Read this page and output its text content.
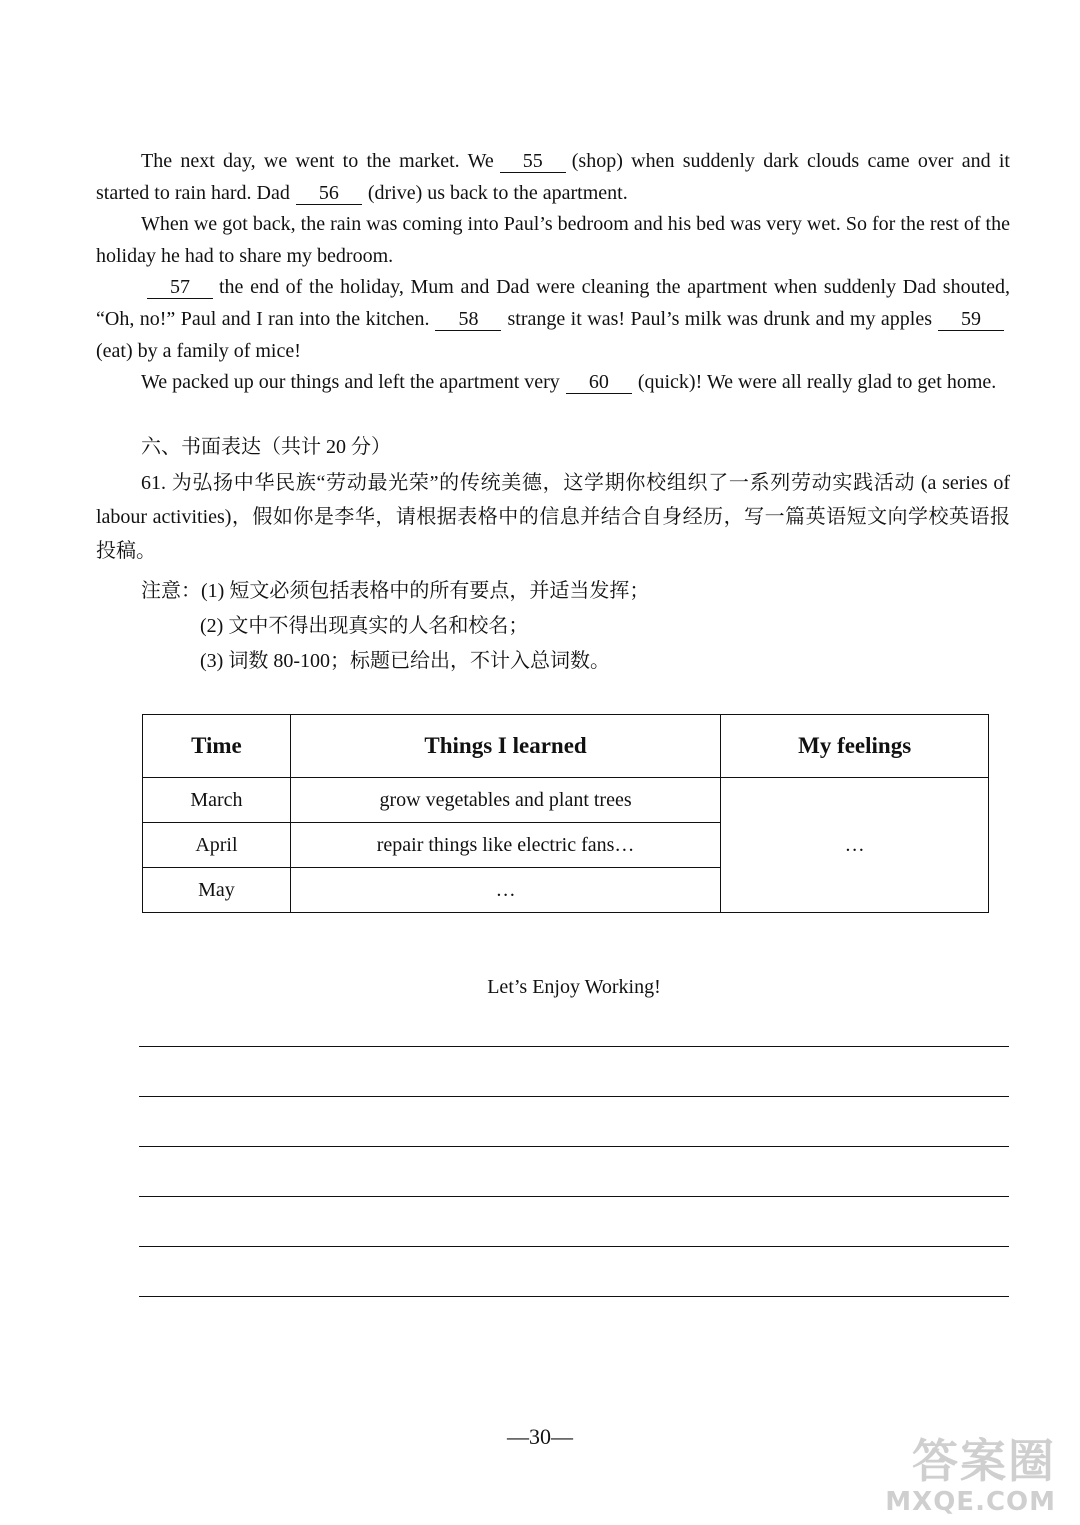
The next day, we went to the market. We 55 (shop) when suddenly dark clouds came over and it started to rain hard. Dad 56 (drive) us back to the apartment.

When we got back, the rain was coming into Paul’s bedroom and his bed was very wet. So for the rest of the holiday he had to share my bedroom.

57 the end of the holiday, Mum and Dad were cleaning the apartment when suddenly Dad shouted, “Oh, no!” Paul and I ran into the kitchen. 58 strange it was! Paul’s milk was drunk and my apples 59(eat) by a family of mice!

We packed up our things and left the apartment very 60 (quick)! We were all really glad to get home.

六、书面表达（共计 20 分）

61. 为弘扬中华民族“劳动最光荣”的传统美德，这学期你校组织了一系列劳动实践活动 (a series of labour activities)，假如你是李华，请根据表格中的信息并结合自身经历，写一篇英语短文向学校英语报投稿。

注意：(1) 短文必须包括表格中的所有要点，并适当发挥；

(2) 文中不得出现真实的人名和校名；

(3) 词数 80-100；标题已给出，不计入总词数。

Time	Things I learned	My feelings
March	grow vegetables and plant trees	…
April	repair things like electric fans…	
May	…	
Let’s Enjoy Working!
—30—	答案圈
MXQE.COM
